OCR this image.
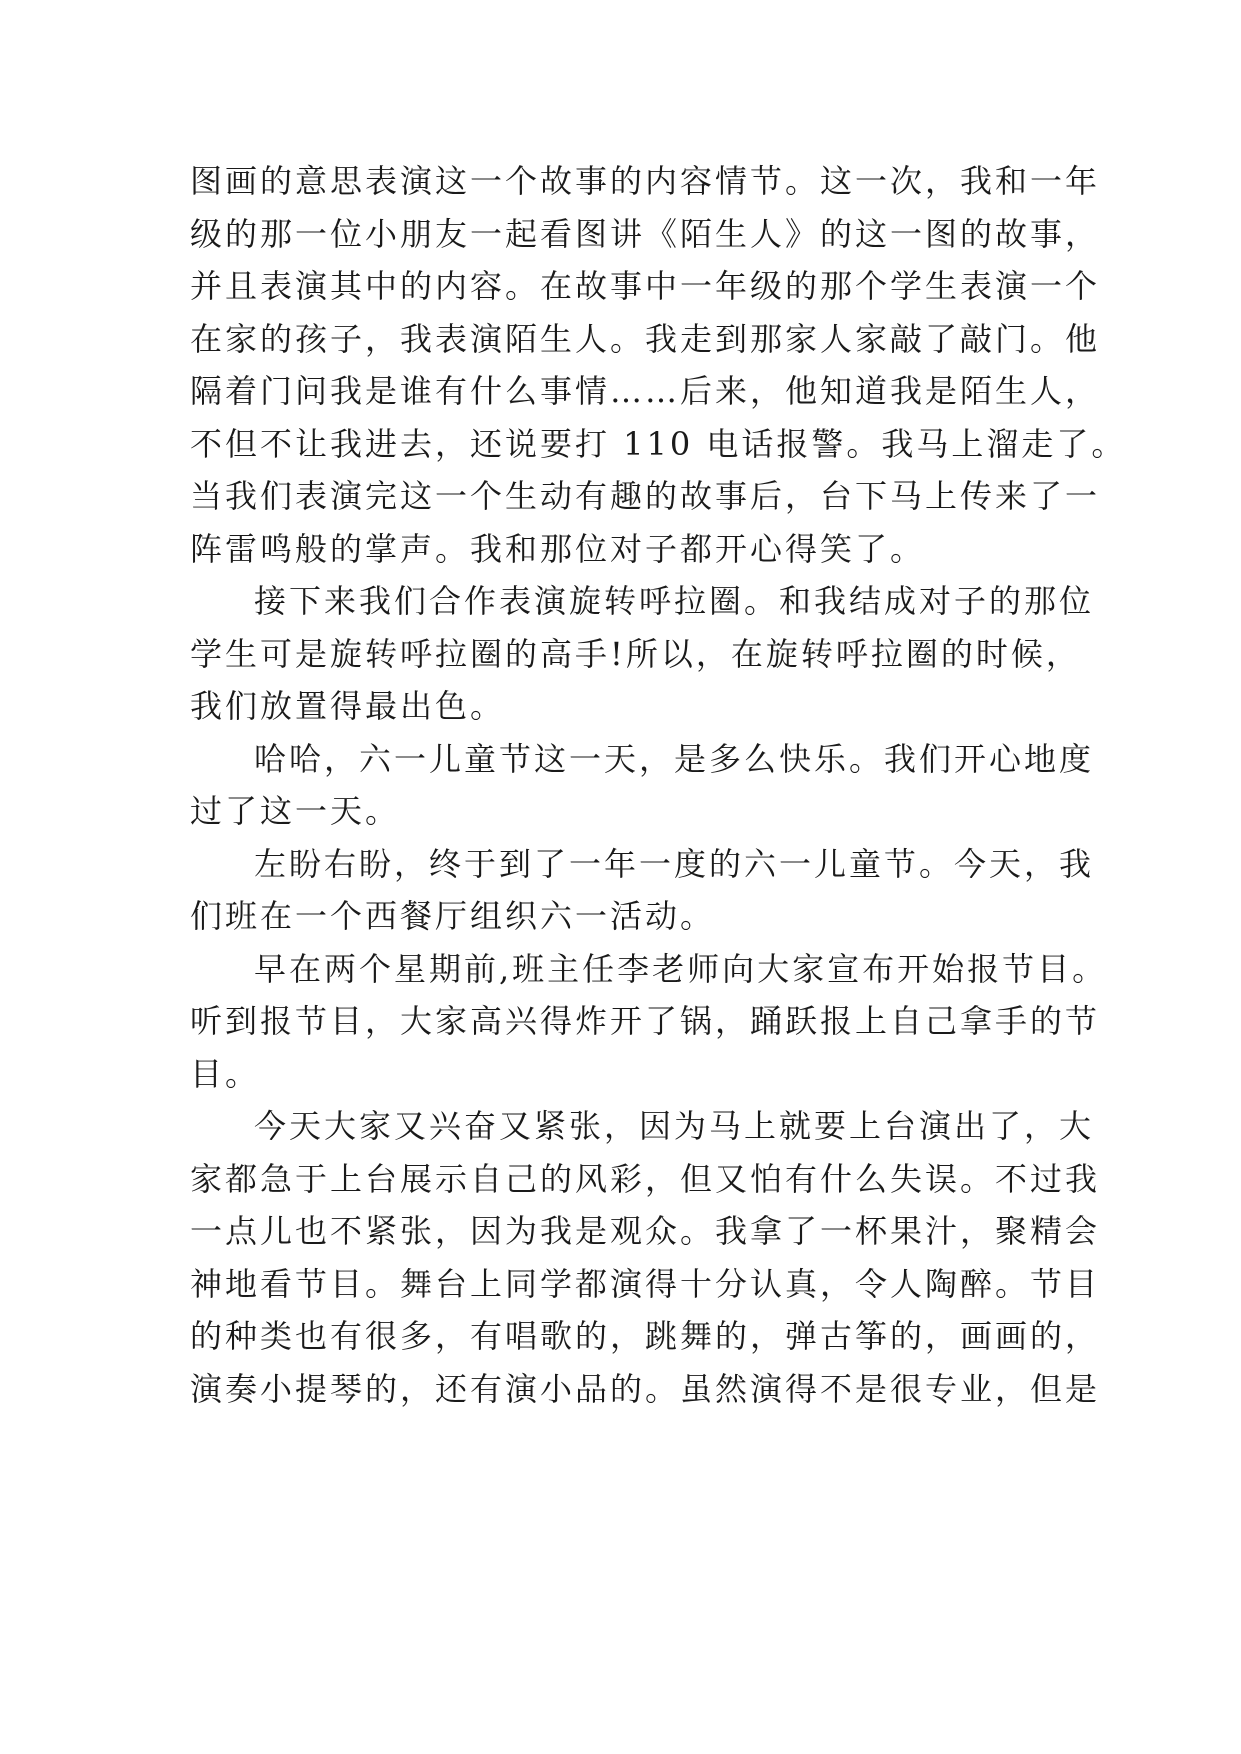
图画的意思表演这一个故事的内容情节。这一次，我和一年
级的那一位小朋友一起看图讲《陌生人》的这一图的故事，
并且表演其中的内容。在故事中一年级的那个学生表演一个
在家的孩子，我表演陌生人。我走到那家人家敲了敲门。他
隔着门问我是谁有什么事情……后来，他知道我是陌生人，
不但不让我进去，还说要打 110 电话报警。我马上溜走了。
当我们表演完这一个生动有趣的故事后，台下马上传来了一
阵雷鸣般的掌声。我和那位对子都开心得笑了。
接下来我们合作表演旋转呼拉圈。和我结成对子的那位
学生可是旋转呼拉圈的高手!所以，在旋转呼拉圈的时候，
我们放置得最出色。
哈哈，六一儿童节这一天，是多么快乐。我们开心地度
过了这一天。
左盼右盼，终于到了一年一度的六一儿童节。今天，我
们班在一个西餐厅组织六一活动。
早在两个星期前,班主任李老师向大家宣布开始报节目。
听到报节目，大家高兴得炸开了锅，踊跃报上自己拿手的节
目。
今天大家又兴奋又紧张，因为马上就要上台演出了，大
家都急于上台展示自己的风彩，但又怕有什么失误。不过我
一点儿也不紧张，因为我是观众。我拿了一杯果汁，聚精会
神地看节目。舞台上同学都演得十分认真，令人陶醉。节目
的种类也有很多，有唱歌的，跳舞的，弹古筝的，画画的，
演奏小提琴的，还有演小品的。虽然演得不是很专业，但是
